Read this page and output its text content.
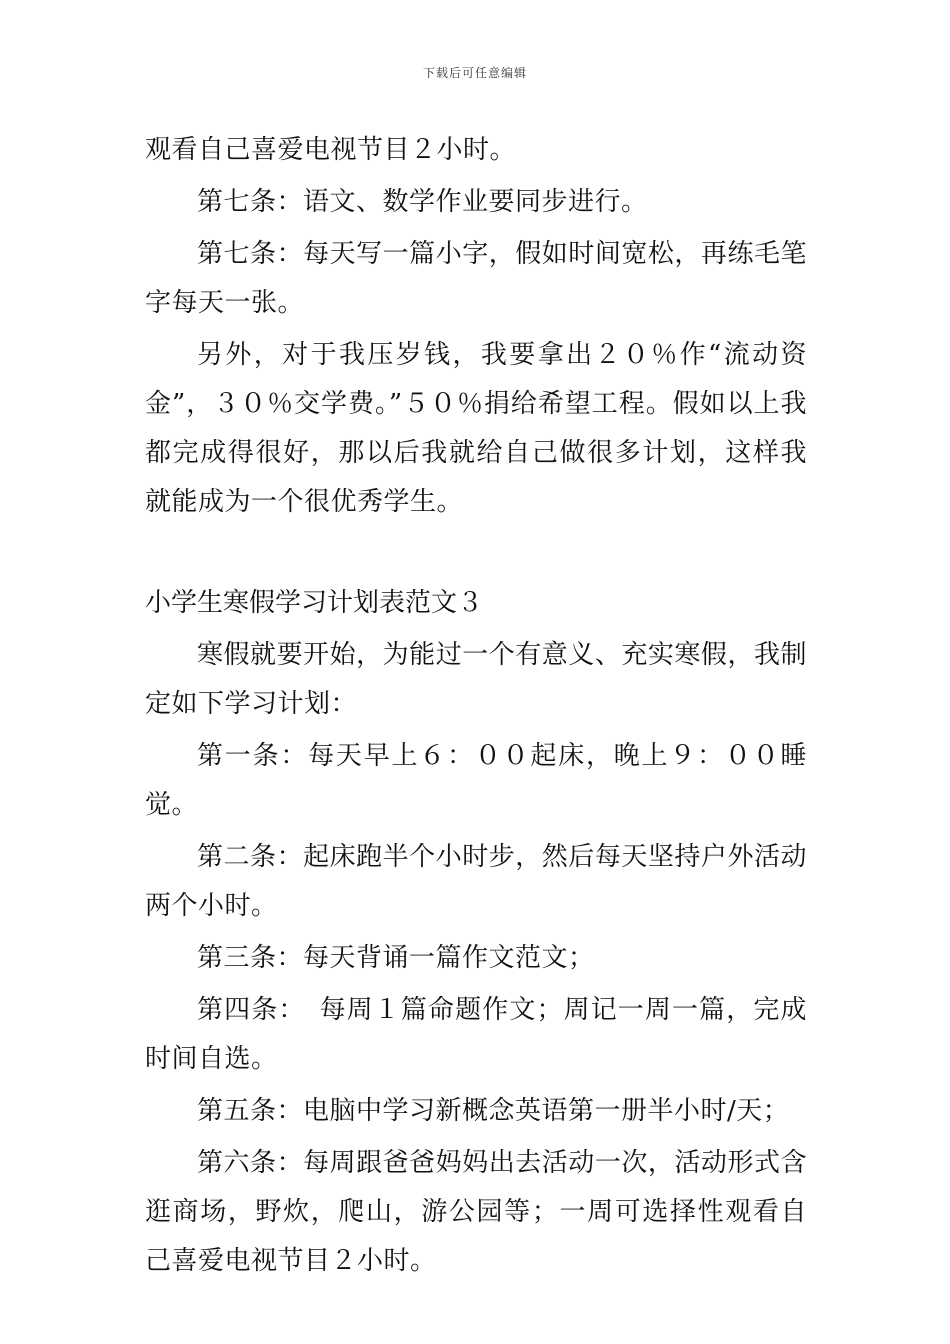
下载后可任意编辑

观看自己喜爱电视节目２小时。

第七条：语文、数学作业要同步进行。

第七条：每天写一篇小字，假如时间宽松，再练毛笔字每天一张。

另外，对于我压岁钱，我要拿出２０％作“流动资金”，３０％交学费。”５０％捐给希望工程。假如以上我都完成得很好，那以后我就给自己做很多计划，这样我就能成为一个很优秀学生。

小学生寒假学习计划表范文３

寒假就要开始，为能过一个有意义、充实寒假，我制定如下学习计划：

第一条：每天早上６：００起床，晚上９：００睡觉。

第二条：起床跑半个小时步，然后每天坚持户外活动两个小时。

第三条：每天背诵一篇作文范文；

第四条：　每周１篇命题作文；周记一周一篇，完成时间自选。

第五条：电脑中学习新概念英语第一册半小时/天；

第六条：每周跟爸爸妈妈出去活动一次，活动形式含逛商场，野炊，爬山，游公园等；一周可选择性观看自己喜爱电视节目２小时。
